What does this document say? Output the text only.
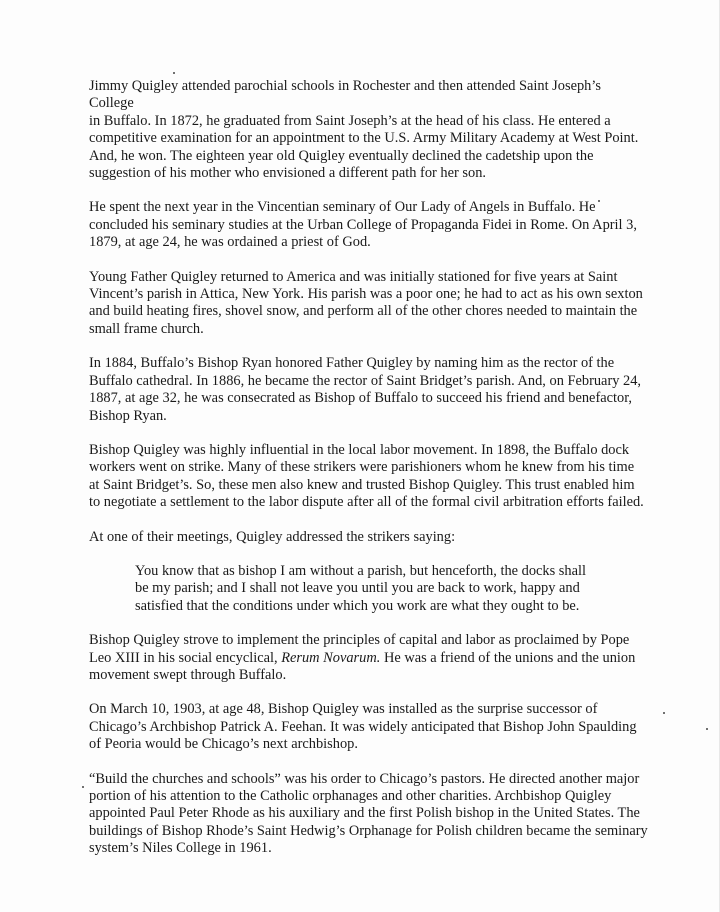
Jimmy Quigley attended parochial schools in Rochester and then attended Saint Joseph’s College
in Buffalo. In 1872, he graduated from Saint Joseph’s at the head of his class. He entered a
competitive examination for an appointment to the U.S. Army Military Academy at West Point.
And, he won. The eighteen year old Quigley eventually declined the cadetship upon the
suggestion of his mother who envisioned a different path for her son.

He spent the next year in the Vincentian seminary of Our Lady of Angels in Buffalo. He
concluded his seminary studies at the Urban College of Propaganda Fidei in Rome. On April 3,
1879, at age 24, he was ordained a priest of God.

Young Father Quigley returned to America and was initially stationed for five years at Saint
Vincent’s parish in Attica, New York. His parish was a poor one; he had to act as his own sexton
and build heating fires, shovel snow, and perform all of the other chores needed to maintain the
small frame church.

In 1884, Buffalo’s Bishop Ryan honored Father Quigley by naming him as the rector of the
Buffalo cathedral. In 1886, he became the rector of Saint Bridget’s parish. And, on February 24,
1887, at age 32, he was consecrated as Bishop of Buffalo to succeed his friend and benefactor,
Bishop Ryan.

Bishop Quigley was highly influential in the local labor movement. In 1898, the Buffalo dock
workers went on strike. Many of these strikers were parishioners whom he knew from his time
at Saint Bridget’s. So, these men also knew and trusted Bishop Quigley. This trust enabled him
to negotiate a settlement to the labor dispute after all of the formal civil arbitration efforts failed.

At one of their meetings, Quigley addressed the strikers saying:

You know that as bishop I am without a parish, but henceforth, the docks shall
be my parish; and I shall not leave you until you are back to work, happy and
satisfied that the conditions under which you work are what they ought to be.

Bishop Quigley strove to implement the principles of capital and labor as proclaimed by Pope
Leo XIII in his social encyclical, Rerum Novarum. He was a friend of the unions and the union
movement swept through Buffalo.

On March 10, 1903, at age 48, Bishop Quigley was installed as the surprise successor of
Chicago’s Archbishop Patrick A. Feehan. It was widely anticipated that Bishop John Spaulding
of Peoria would be Chicago’s next archbishop.

“Build the churches and schools” was his order to Chicago’s pastors. He directed another major
portion of his attention to the Catholic orphanages and other charities. Archbishop Quigley
appointed Paul Peter Rhode as his auxiliary and the first Polish bishop in the United States. The
buildings of Bishop Rhode’s Saint Hedwig’s Orphanage for Polish children became the seminary
system’s Niles College in 1961.
